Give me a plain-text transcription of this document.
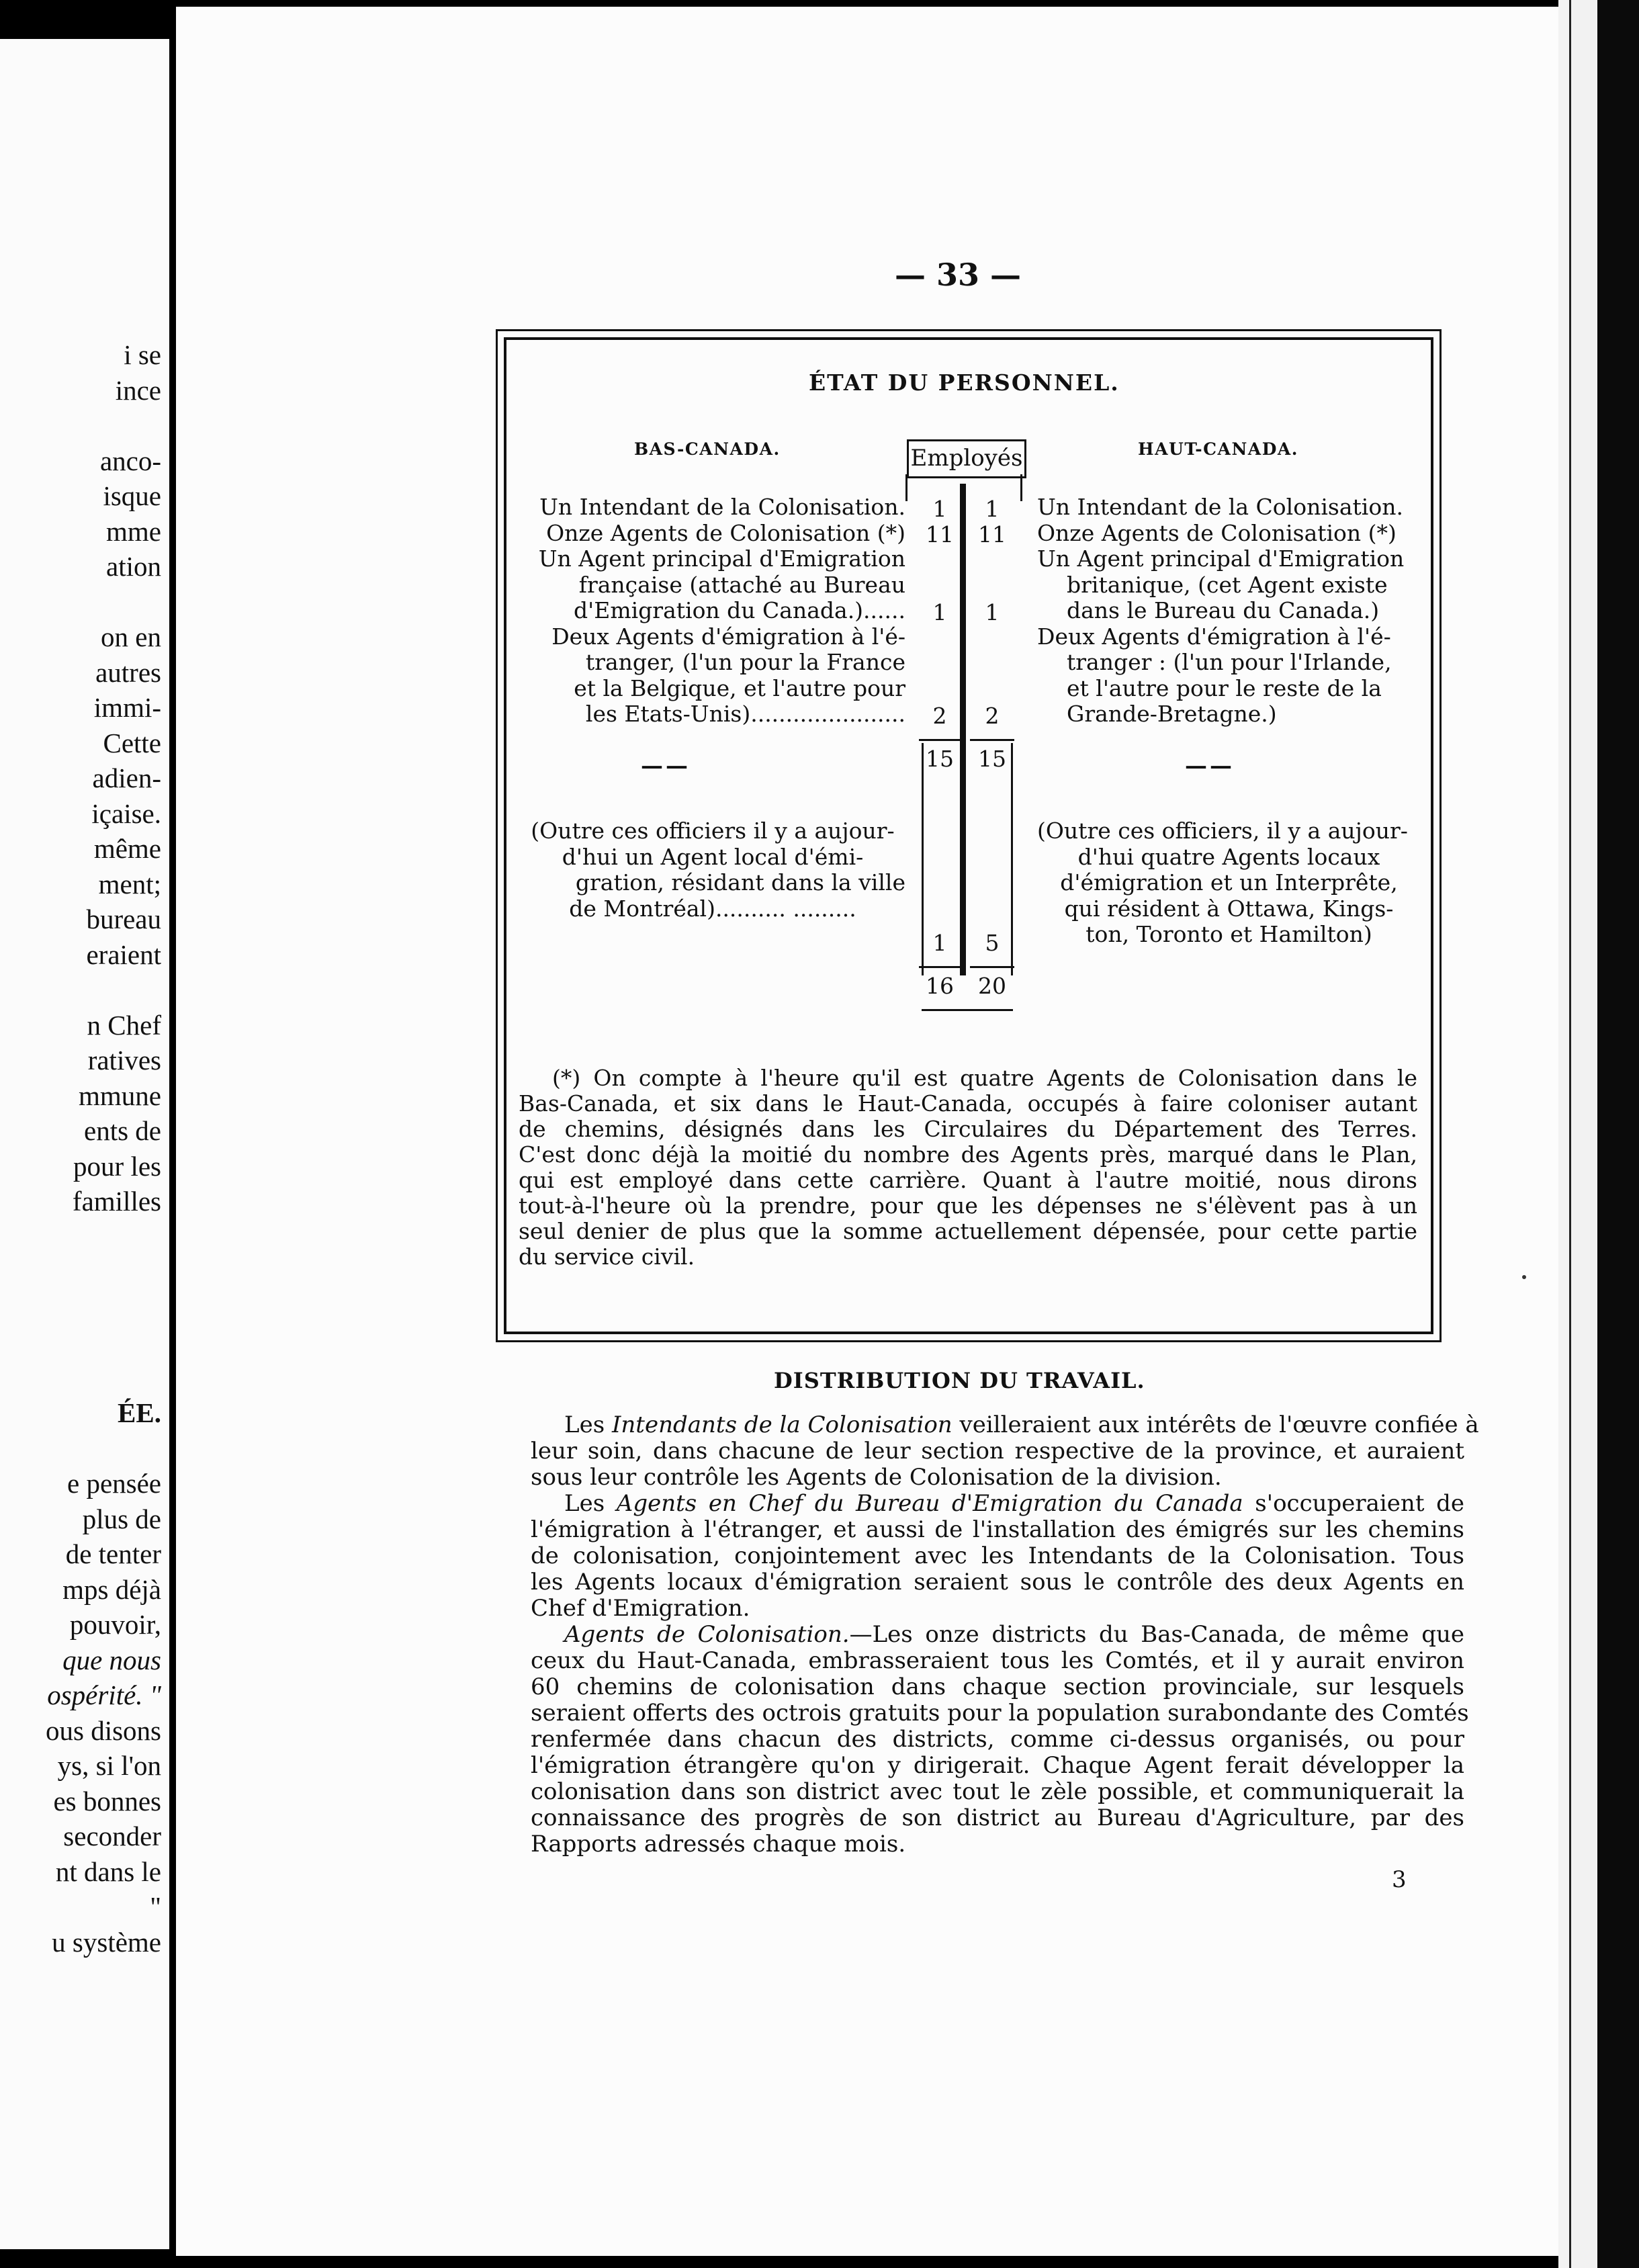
i se
ince
anco-
isque
mme
ation
on en
autres
immi-
Cette
adien-
içaise.
même
ment;
bureau
eraient
n Chef
ratives
mmune
ents de
pour les
familles
ÉE.
e pensée
plus de
de tenter
mps déjà
pouvoir,
que nous
ospérité. "
ous disons
ys, si l'on
es bonnes
seconder
nt dans le
"
u système
— 33 —
ÉTAT DU PERSONNEL.
BAS-CANADA.	Employés	HAUT-CANADA.
Un Intendant de la Colonisation.
Onze Agents de Colonisation (*)
Un Agent principal d'Emigration
française (attaché au Bureau
d'Emigration du Canada.)......
Deux Agents d'émigration à l'é-
tranger, (l'un pour la France
et la Belgique, et l'autre pour
les Etats-Unis)......................
——
(Outre ces officiers il y a aujour-
d'hui un Agent local d'émi-
gration, résidant dans la ville
de Montréal).......... .........
Un Intendant de la Colonisation.
Onze Agents de Colonisation (*)
Un Agent principal d'Emigration
britanique, (cet Agent existe
dans le Bureau du Canada.)
Deux Agents d'émigration à l'é-
tranger : (l'un pour l'Irlande,
et l'autre pour le reste de la
Grande-Bretagne.)
——
(Outre ces officiers, il y a aujour-
d'hui quatre Agents locaux
d'émigration et un Interprête,
qui résident à Ottawa, Kings-
ton, Toronto et Hamilton)
1
11
1
2
15
1
16
1
11
1
2
15
5
20
(*) On compte à l'heure qu'il est quatre Agents de Colonisation dans le
Bas-Canada, et six dans le Haut-Canada, occupés à faire coloniser autant
de chemins, désignés dans les Circulaires du Département des Terres.
C'est donc déjà la moitié du nombre des Agents près, marqué dans le Plan,
qui est employé dans cette carrière. Quant à l'autre moitié, nous dirons
tout-à-l'heure où la prendre, pour que les dépenses ne s'élèvent pas à un
seul denier de plus que la somme actuellement dépensée, pour cette partie
du service civil.
DISTRIBUTION DU TRAVAIL.
Les Intendants de la Colonisation veilleraient aux intérêts de l'œuvre confiée à
leur soin, dans chacune de leur section respective de la province, et auraient
sous leur contrôle les Agents de Colonisation de la division.
Les Agents en Chef du Bureau d'Emigration du Canada s'occuperaient de
l'émigration à l'étranger, et aussi de l'installation des émigrés sur les chemins
de colonisation, conjointement avec les Intendants de la Colonisation. Tous
les Agents locaux d'émigration seraient sous le contrôle des deux Agents en
Chef d'Emigration.
Agents de Colonisation.—Les onze districts du Bas-Canada, de même que
ceux du Haut-Canada, embrasseraient tous les Comtés, et il y aurait environ
60 chemins de colonisation dans chaque section provinciale, sur lesquels
seraient offerts des octrois gratuits pour la population surabondante des Comtés
renfermée dans chacun des districts, comme ci-dessus organisés, ou pour
l'émigration étrangère qu'on y dirigerait. Chaque Agent ferait développer la
colonisation dans son district avec tout le zèle possible, et communiquerait la
connaissance des progrès de son district au Bureau d'Agriculture, par des
Rapports adressés chaque mois.
3
